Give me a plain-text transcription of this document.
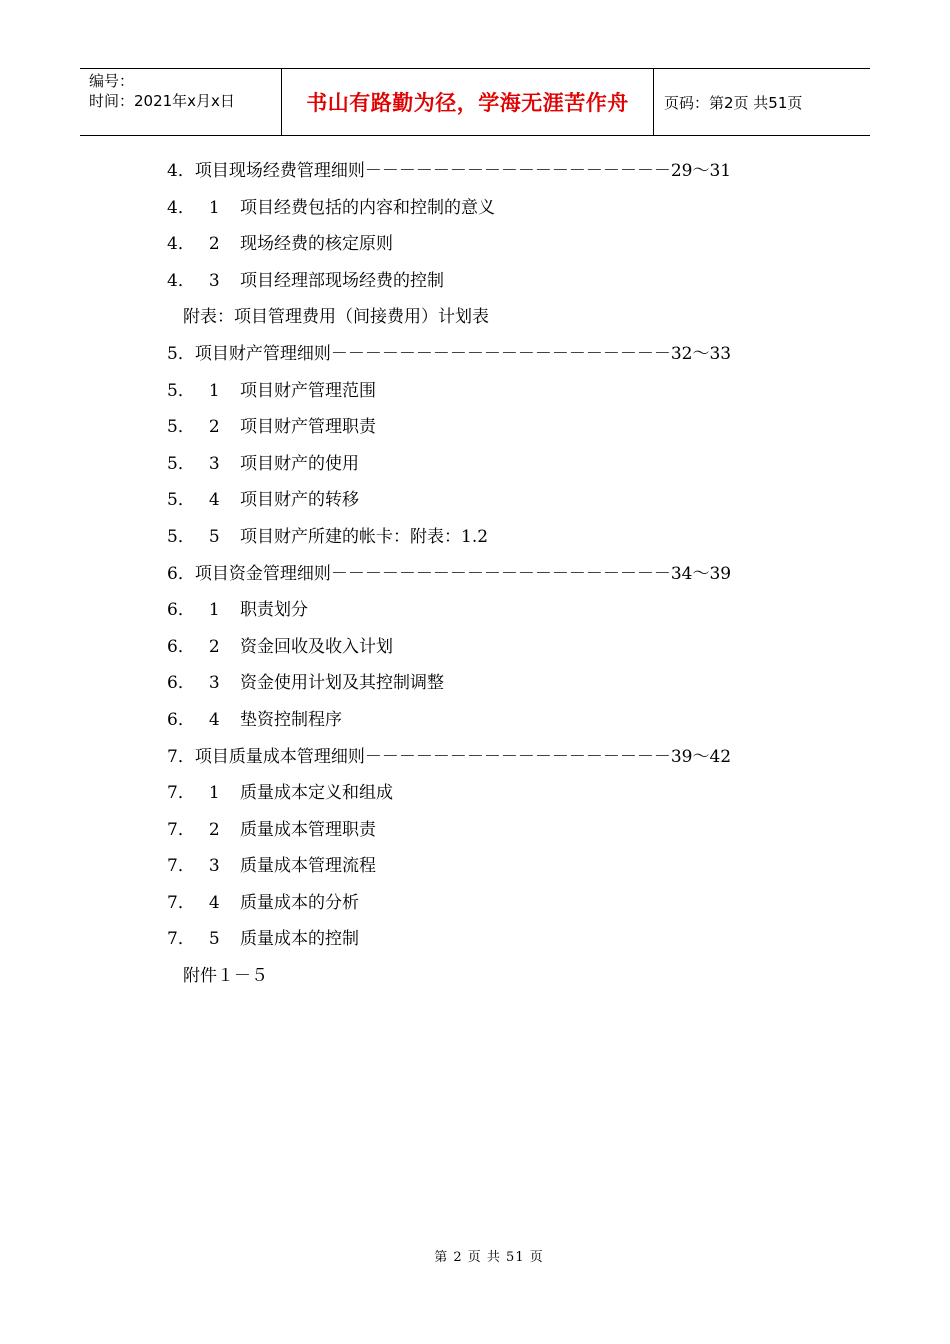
编号：
时间：2021年x月x日	书山有路勤为径，学海无涯苦作舟 页码：第2页 共51页
4．项目现场经费管理细则－－－－－－－－－－－－－－－－－－29～31
4． 1 项目经费包括的内容和控制的意义
4． 2 现场经费的核定原则
4． 3 项目经理部现场经费的控制
附表：项目管理费用（间接费用）计划表
5．项目财产管理细则－－－－－－－－－－－－－－－－－－－－32～33
5． 1 项目财产管理范围
5． 2 项目财产管理职责
5． 3 项目财产的使用
5． 4 项目财产的转移
5． 5 项目财产所建的帐卡：附表：1.2
6．项目资金管理细则－－－－－－－－－－－－－－－－－－－－34～39
6． 1 职责划分
6． 2 资金回收及收入计划
6． 3 资金使用计划及其控制调整
6． 4 垫资控制程序
7．项目质量成本管理细则－－－－－－－－－－－－－－－－－－39～42
7． 1 质量成本定义和组成
7． 2 质量成本管理职责
7． 3 质量成本管理流程
7． 4 质量成本的分析
7． 5 质量成本的控制
附件１－５
第 2 页 共 51 页
